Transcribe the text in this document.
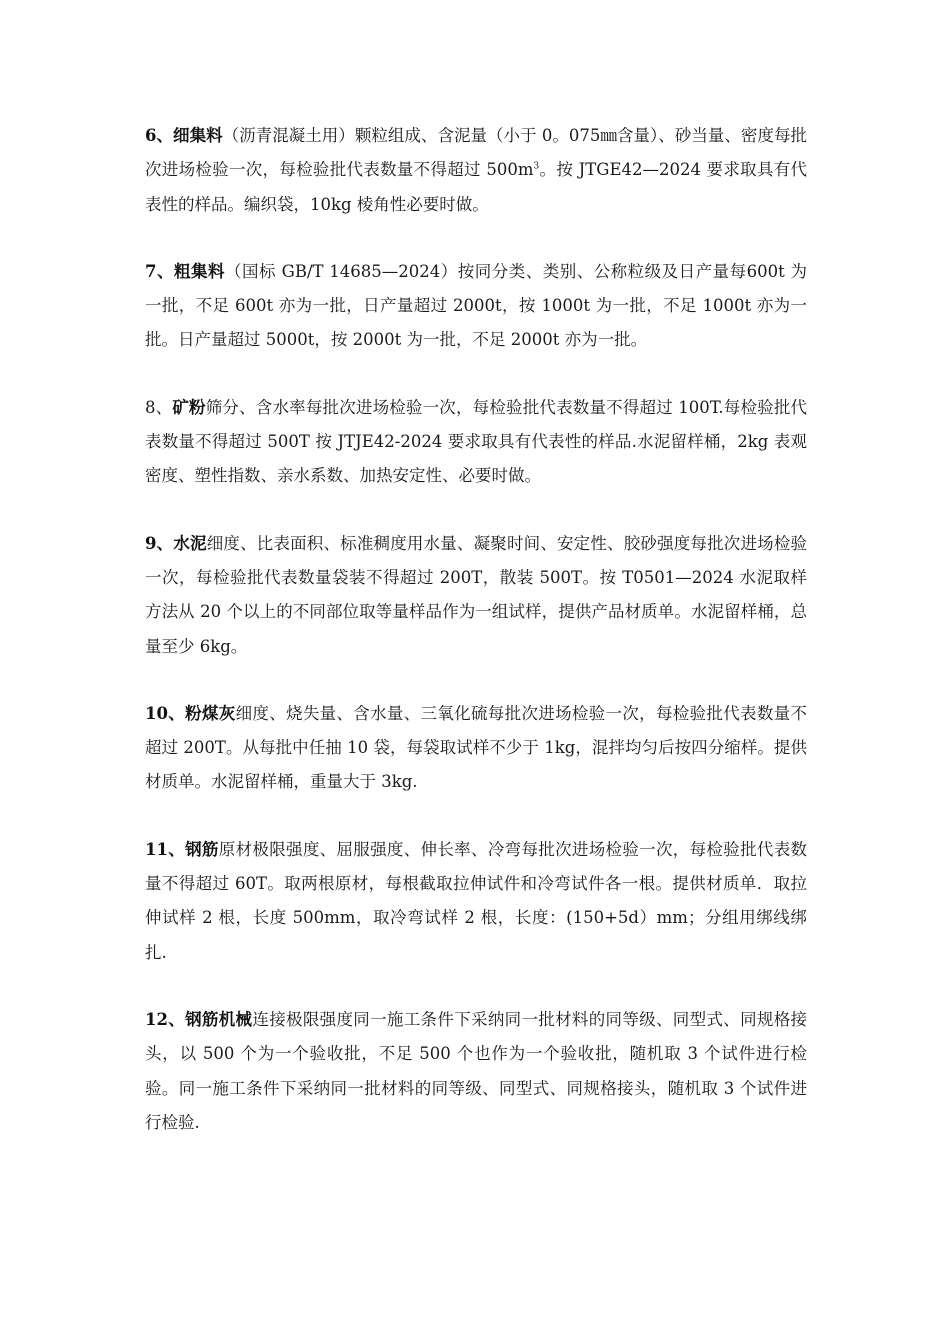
6、细集料（沥青混凝土用）颗粒组成、含泥量（小于 0。075㎜含量）、砂当量、密度每批次进场检验一次，每检验批代表数量不得超过 $500m^3$。按 JTGE42—2024 要求取具有代表性的样品。编织袋，10kg 棱角性必要时做。

7、粗集料（国标 GB/T 14685—2024）按同分类、类别、公称粒级及日产量每600t 为一批，不足 600t 亦为一批，日产量超过 2000t，按 1000t 为一批，不足 1000t 亦为一批。日产量超过 5000t，按 2000t 为一批，不足 2000t 亦为一批。

8、矿粉筛分、含水率每批次进场检验一次，每检验批代表数量不得超过 100T.每检验批代表数量不得超过 500T 按 JTJE42-2024 要求取具有代表性的样品.水泥留样桶，2kg 表观密度、塑性指数、亲水系数、加热安定性、必要时做。

9、水泥细度、比表面积、标准稠度用水量、凝聚时间、安定性、胶砂强度每批次进场检验一次，每检验批代表数量袋装不得超过 200T，散装 500T。按 T0501—2024 水泥取样方法从 20 个以上的不同部位取等量样品作为一组试样，提供产品材质单。水泥留样桶，总量至少 6kg。

10、粉煤灰细度、烧失量、含水量、三氧化硫每批次进场检验一次，每检验批代表数量不超过 200T。从每批中任抽 10 袋，每袋取试样不少于 1kg，混拌均匀后按四分缩样。提供材质单。水泥留样桶，重量大于 3kg.

11、钢筋原材极限强度、屈服强度、伸长率、冷弯每批次进场检验一次，每检验批代表数量不得超过 60T。取两根原材，每根截取拉伸试件和冷弯试件各一根。提供材质单．取拉伸试样 2 根，长度 500mm，取冷弯试样 2 根，长度：(150+5d）mm；分组用绑线绑扎.

12、钢筋机械连接极限强度同一施工条件下采纳同一批材料的同等级、同型式、同规格接头，以 500 个为一个验收批，不足 500 个也作为一个验收批，随机取 3 个试件进行检验。同一施工条件下采纳同一批材料的同等级、同型式、同规格接头，随机取 3 个试件进行检验.
